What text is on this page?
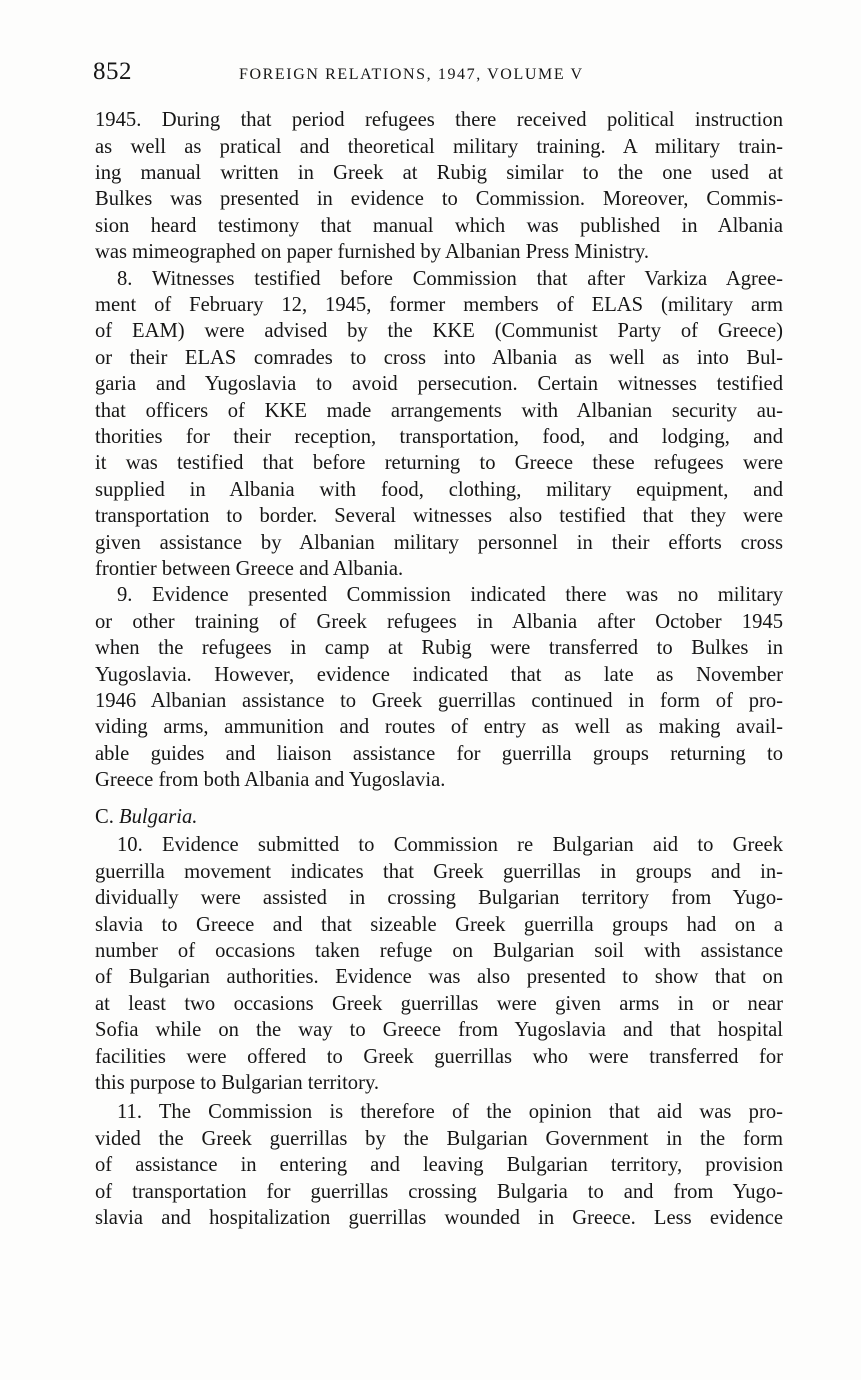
852	FOREIGN RELATIONS, 1947, VOLUME V
1945. During that period refugees there received political instruction
as well as pratical and theoretical military training. A military train-
ing manual written in Greek at Rubig similar to the one used at
Bulkes was presented in evidence to Commission. Moreover, Commis-
sion heard testimony that manual which was published in Albania
was mimeographed on paper furnished by Albanian Press Ministry.
8. Witnesses testified before Commission that after Varkiza Agree-
ment of February 12, 1945, former members of ELAS (military arm
of EAM) were advised by the KKE (Communist Party of Greece)
or their ELAS comrades to cross into Albania as well as into Bul-
garia and Yugoslavia to avoid persecution. Certain witnesses testified
that officers of KKE made arrangements with Albanian security au-
thorities for their reception, transportation, food, and lodging, and
it was testified that before returning to Greece these refugees were
supplied in Albania with food, clothing, military equipment, and
transportation to border. Several witnesses also testified that they were
given assistance by Albanian military personnel in their efforts cross
frontier between Greece and Albania.
9. Evidence presented Commission indicated there was no military
or other training of Greek refugees in Albania after October 1945
when the refugees in camp at Rubig were transferred to Bulkes in
Yugoslavia. However, evidence indicated that as late as November
1946 Albanian assistance to Greek guerrillas continued in form of pro-
viding arms, ammunition and routes of entry as well as making avail-
able guides and liaison assistance for guerrilla groups returning to
Greece from both Albania and Yugoslavia.
C. Bulgaria.
10. Evidence submitted to Commission re Bulgarian aid to Greek
guerrilla movement indicates that Greek guerrillas in groups and in-
dividually were assisted in crossing Bulgarian territory from Yugo-
slavia to Greece and that sizeable Greek guerrilla groups had on a
number of occasions taken refuge on Bulgarian soil with assistance
of Bulgarian authorities. Evidence was also presented to show that on
at least two occasions Greek guerrillas were given arms in or near
Sofia while on the way to Greece from Yugoslavia and that hospital
facilities were offered to Greek guerrillas who were transferred for
this purpose to Bulgarian territory.
11. The Commission is therefore of the opinion that aid was pro-
vided the Greek guerrillas by the Bulgarian Government in the form
of assistance in entering and leaving Bulgarian territory, provision
of transportation for guerrillas crossing Bulgaria to and from Yugo-
slavia and hospitalization guerrillas wounded in Greece. Less evidence
